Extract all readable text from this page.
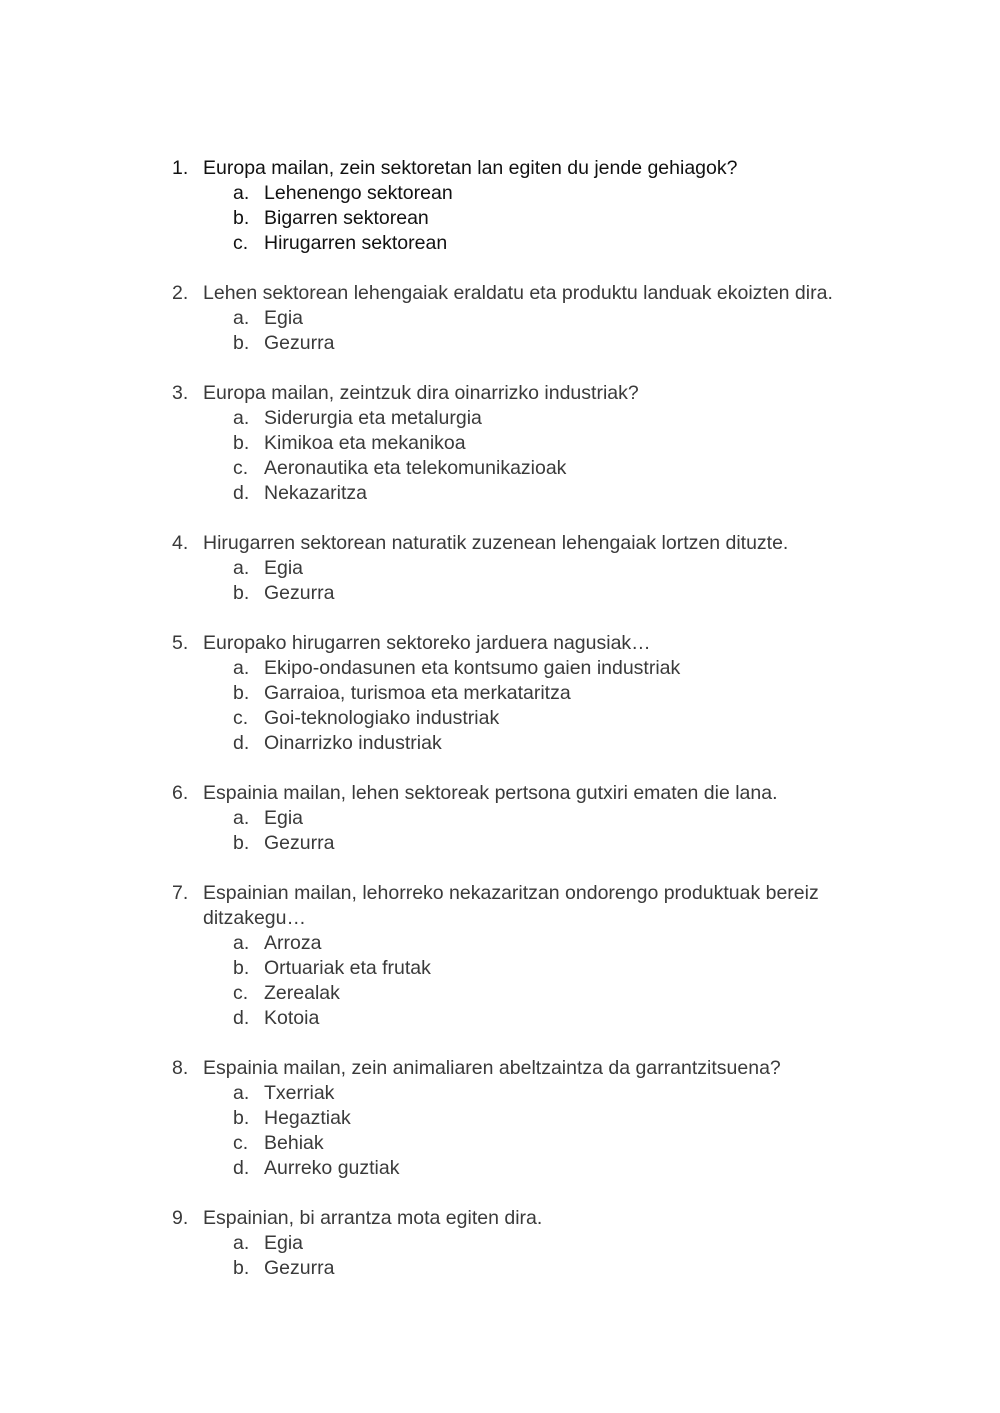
1. Europa mailan, zein sektoretan lan egiten du jende gehiagok?
a. Lehenengo sektorean
b. Bigarren sektorean
c. Hirugarren sektorean
2. Lehen sektorean lehengaiak eraldatu eta produktu landuak ekoizten dira.
a. Egia
b. Gezurra
3. Europa mailan, zeintzuk dira oinarrizko industriak?
a. Siderurgia eta metalurgia
b. Kimikoa eta mekanikoa
c. Aeronautika eta telekomunikazioak
d. Nekazaritza
4. Hirugarren sektorean naturatik zuzenean lehengaiak lortzen dituzte.
a. Egia
b. Gezurra
5. Europako hirugarren sektoreko jarduera nagusiak…
a. Ekipo-ondasunen eta kontsumo gaien industriak
b. Garraioa, turismoa eta merkataritza
c. Goi-teknologiako industriak
d. Oinarrizko industriak
6. Espainia mailan, lehen sektoreak pertsona gutxiri ematen die lana.
a. Egia
b. Gezurra
7. Espainian mailan, lehorreko nekazaritzan ondorengo produktuak bereiz ditzakegu…
a. Arroza
b. Ortuariak eta frutak
c. Zerealak
d. Kotoia
8. Espainia mailan, zein animaliaren abeltzaintza da garrantzitsuena?
a. Txerriak
b. Hegaztiak
c. Behiak
d. Aurreko guztiak
9. Espainian, bi arrantza mota egiten dira.
a. Egia
b. Gezurra
